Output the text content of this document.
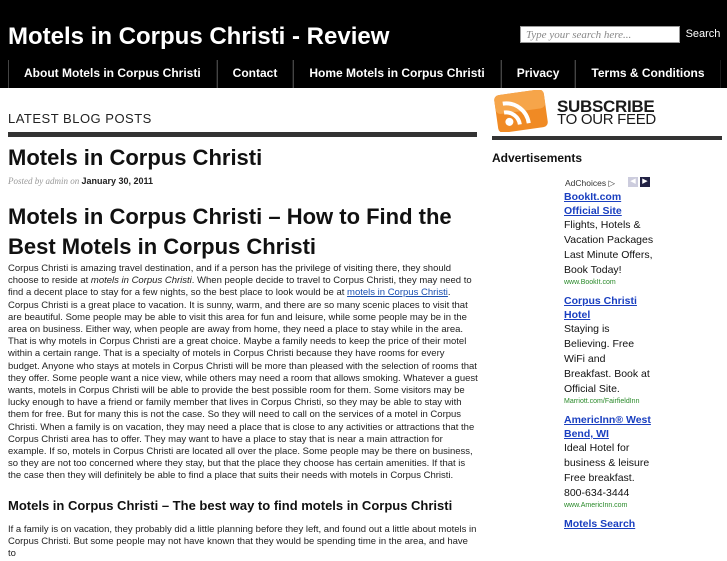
Motels in Corpus Christi - Review
Type your search here...	Search
About Motels in Corpus Christi	Contact	Home Motels in Corpus Christi	Privacy	Terms & Conditions
LATEST BLOG POSTS
Motels in Corpus Christi
Posted by admin on January 30, 2011
Motels in Corpus Christi – How to Find the Best Motels in Corpus Christi

Corpus Christi is amazing travel destination, and if a person has the privilege of visiting there, they should choose to reside at motels in Corpus Christi. When people decide to travel to Corpus Christi, they may need to find a decent place to stay for a few nights, so the best place to look would be at motels in Corpus Christi. Corpus Christi is a great place to vacation. It is sunny, warm, and there are so many scenic places to visit that are beautiful. Some people may be able to visit this area for fun and leisure, while some people may be in the area on business. Either way, when people are away from home, they need a place to stay while in the area. That is why motels in Corpus Christi are a great choice. Maybe a family needs to keep the price of their motel within a certain range. That is a specialty of motels in Corpus Christi because they have rooms for every budget. Anyone who stays at motels in Corpus Christi will be more than pleased with the selection of rooms that they offer. Some people want a nice view, while others may need a room that allows smoking. Whatever a guest wants, motels in Corpus Christi will be able to provide the best possible room for them. Some visitors may be lucky enough to have a friend or family member that lives in Corpus Christi, so they may be able to stay with them for free. But for many this is not the case. So they will need to call on the services of a motel in Corpus Christi. When a family is on vacation, they may need a place that is close to any activities or attractions that the Corpus Christi area has to offer. They may want to have a place to stay that is near a main attraction for example. If so, motels in Corpus Christi are located all over the place. Some people may be there on business, so they are not too concerned where they stay, but that the place they choose has certain amenities. If that is the case then they will definitely be able to find a place that suits their needs with motels in Corpus Christi.

Motels in Corpus Christi – The best way to find motels in Corpus Christi

If a family is on vacation, they probably did a little planning before they left, and found out a little about motels in Corpus Christi. But some people may not have known that they would be spending time in the area, and have to

SUBSCRIBE
TO OUR FEED
Advertisements
AdChoices ▷	◀ ▶
BookIt.com Official Site
Flights, Hotels & Vacation Packages Last Minute Offers, Book Today!
www.BookIt.com
Corpus Christi Hotel
Staying is Believing. Free WiFi and Breakfast. Book at Official Site.
Marriott.com/FairfieldInn
AmericInn® West Bend, WI
Ideal Hotel for business & leisure Free breakfast. 800-634-3444
www.AmericInn.com
Motels Search
